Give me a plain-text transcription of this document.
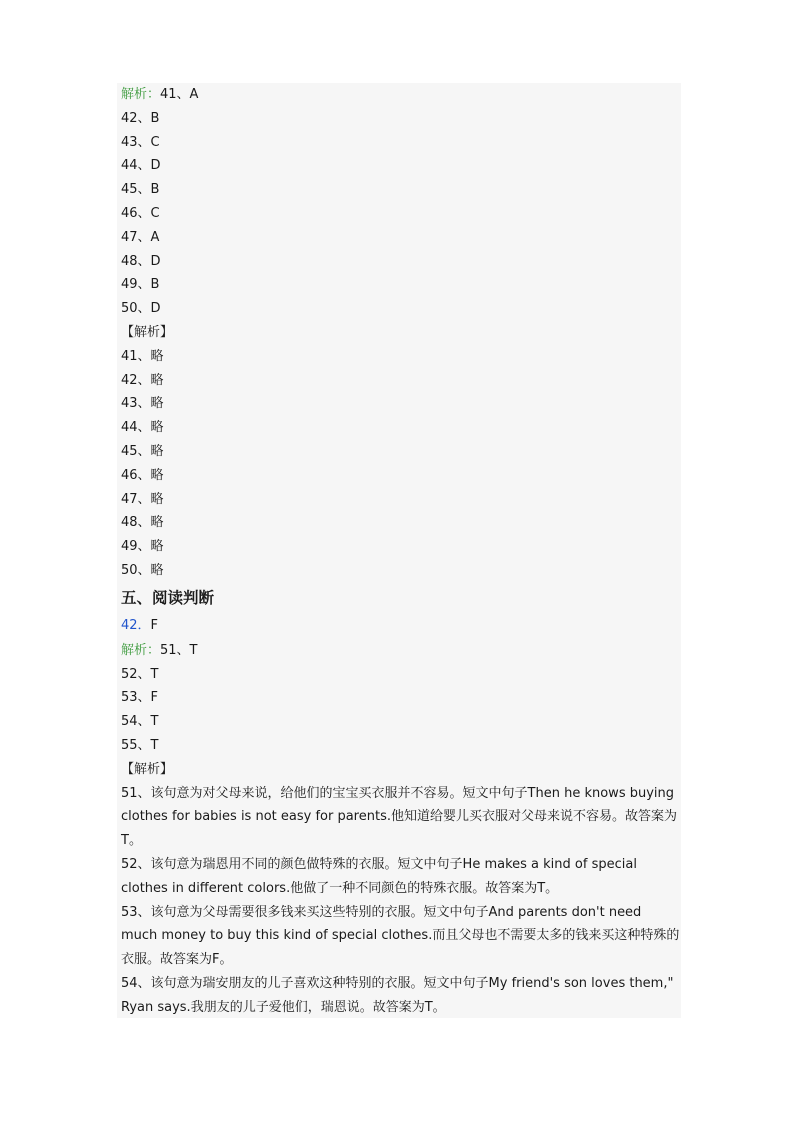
解析：41、A
42、B
43、C
44、D
45、B
46、C
47、A
48、D
49、B
50、D
【解析】
41、略
42、略
43、略
44、略
45、略
46、略
47、略
48、略
49、略
50、略
五、阅读判断
42．F
解析：51、T
52、T
53、F
54、T
55、T
【解析】
51、该句意为对父母来说，给他们的宝宝买衣服并不容易。短文中句子Then he knows buying clothes for babies is not easy for parents.他知道给婴儿买衣服对父母来说不容易。故答案为T。
52、该句意为瑞恩用不同的颜色做特殊的衣服。短文中句子He makes a kind of special clothes in different colors.他做了一种不同颜色的特殊衣服。故答案为T。
53、该句意为父母需要很多钱来买这些特别的衣服。短文中句子And parents don't need much money to buy this kind of special clothes.而且父母也不需要太多的钱来买这种特殊的衣服。故答案为F。
54、该句意为瑞安朋友的儿子喜欢这种特别的衣服。短文中句子My friend's son loves them," Ryan says.我朋友的儿子爱他们，瑞恩说。故答案为T。
